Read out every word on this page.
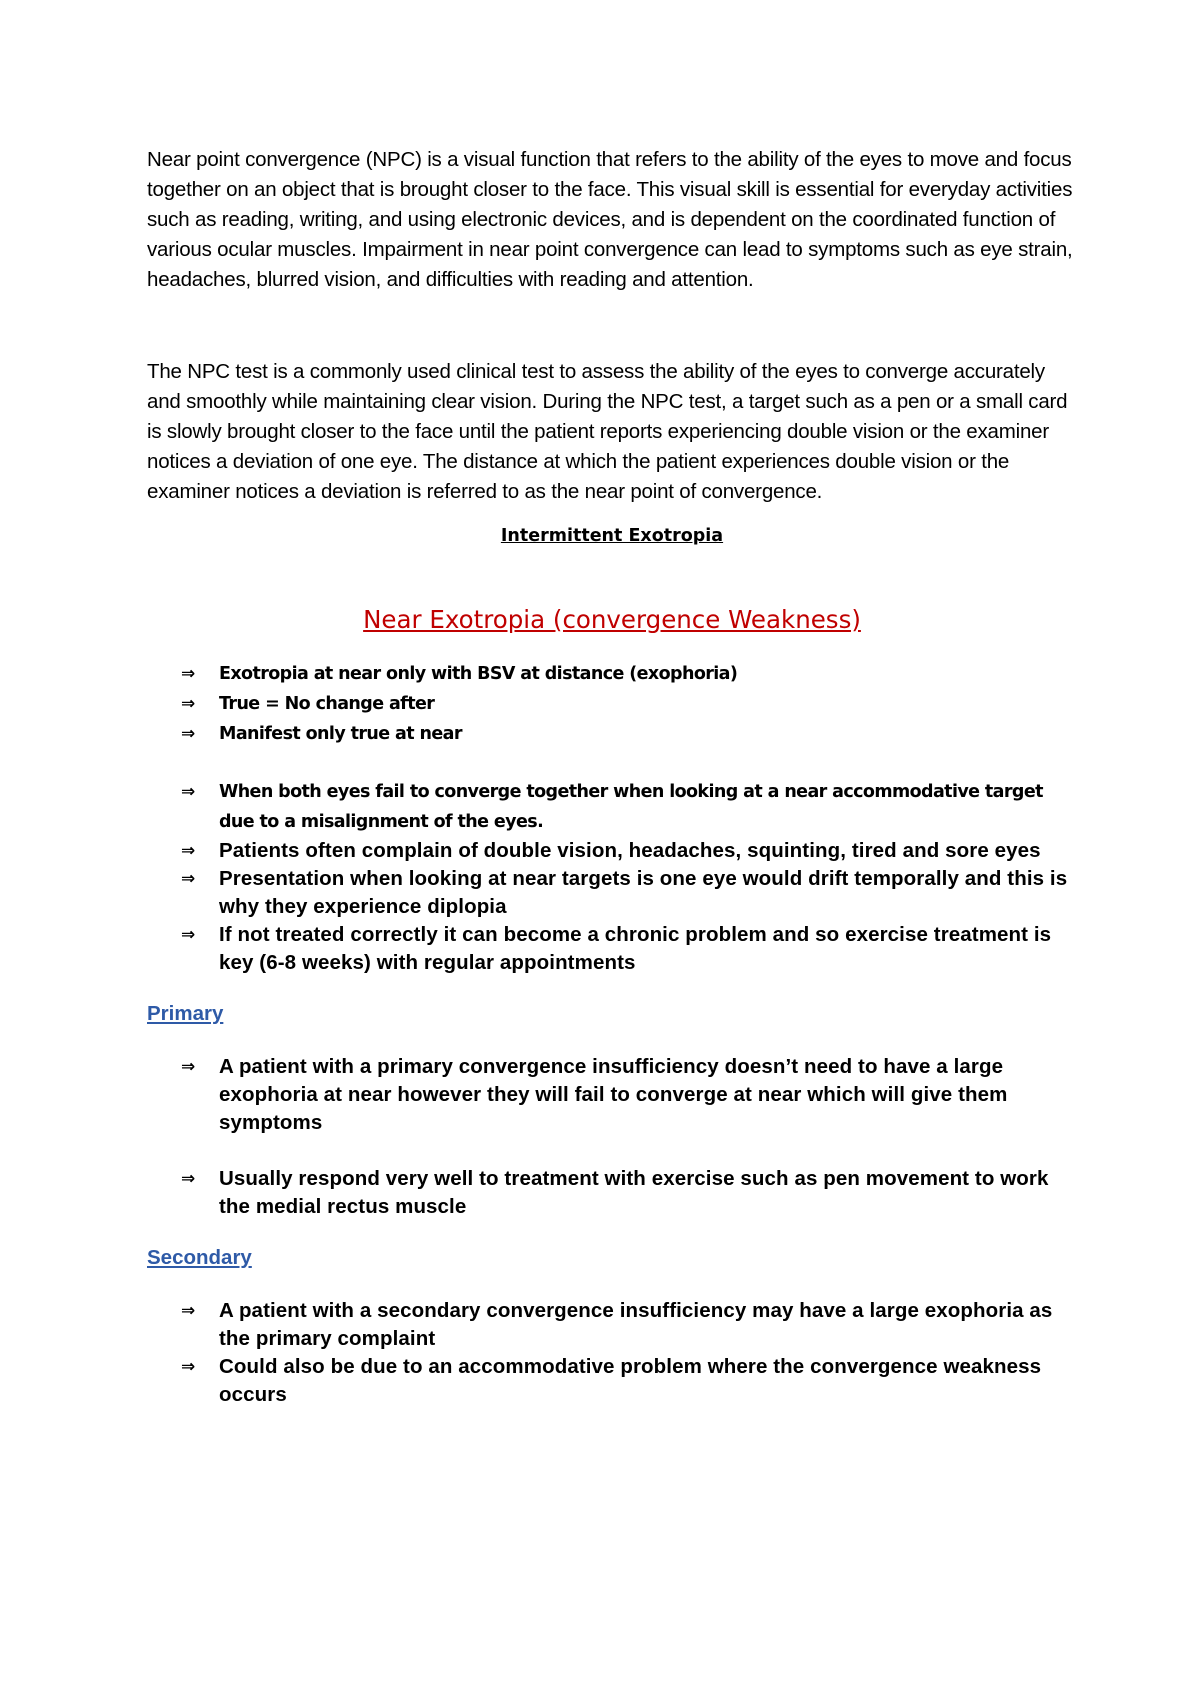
Near point convergence (NPC) is a visual function that refers to the ability of the eyes to move and focus together on an object that is brought closer to the face. This visual skill is essential for everyday activities such as reading, writing, and using electronic devices, and is dependent on the coordinated function of various ocular muscles. Impairment in near point convergence can lead to symptoms such as eye strain, headaches, blurred vision, and difficulties with reading and attention.

The NPC test is a commonly used clinical test to assess the ability of the eyes to converge accurately and smoothly while maintaining clear vision. During the NPC test, a target such as a pen or a small card is slowly brought closer to the face until the patient reports experiencing double vision or the examiner notices a deviation of one eye. The distance at which the patient experiences double vision or the examiner notices a deviation is referred to as the near point of convergence.

Intermittent Exotropia

Near Exotropia (convergence Weakness)

⇒ Exotropia at near only with BSV at distance (exophoria)
⇒ True = No change after
⇒ Manifest only true at near
⇒ When both eyes fail to converge together when looking at a near accommodative target due to a misalignment of the eyes.
⇒ Patients often complain of double vision, headaches, squinting, tired and sore eyes
⇒ Presentation when looking at near targets is one eye would drift temporally and this is why they experience diplopia
⇒ If not treated correctly it can become a chronic problem and so exercise treatment is key (6-8 weeks) with regular appointments

Primary

⇒ A patient with a primary convergence insufficiency doesn’t need to have a large exophoria at near however they will fail to converge at near which will give them symptoms
⇒ Usually respond very well to treatment with exercise such as pen movement to work the medial rectus muscle

Secondary

⇒ A patient with a secondary convergence insufficiency may have a large exophoria as the primary complaint
⇒ Could also be due to an accommodative problem where the convergence weakness occurs
